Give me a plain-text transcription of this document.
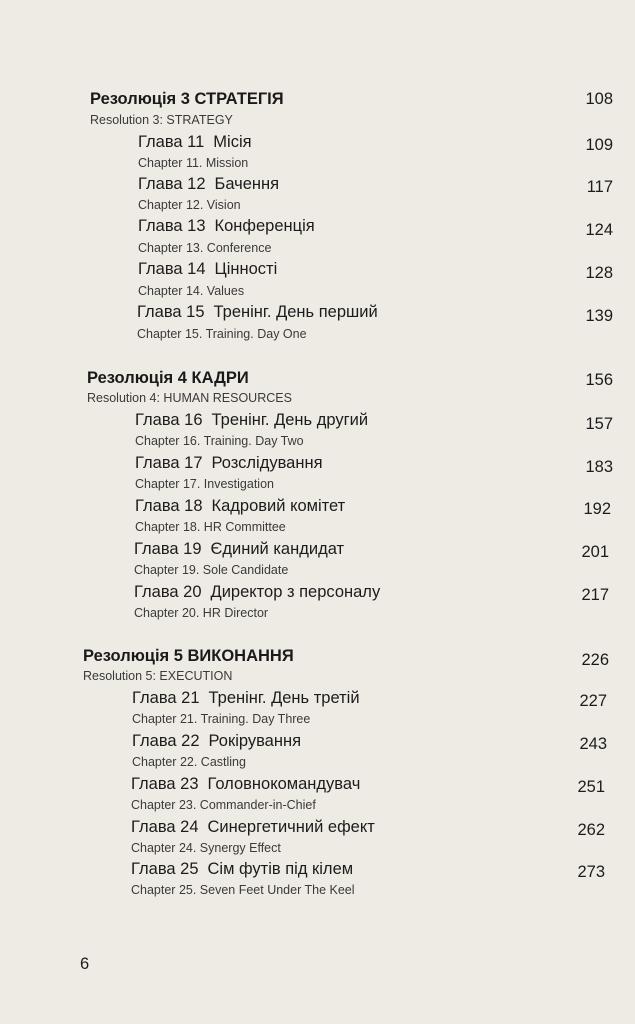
Резолюція 3 СТРАТЕГІЯ	108
Resolution 3: STRATEGY
Глава 11 Місія	109
Chapter 11. Mission
Глава 12 Бачення	117
Chapter 12. Vision
Глава 13 Конференція	124
Chapter 13. Conference
Глава 14 Цінності	128
Chapter 14. Values
Глава 15 Тренінг. День перший	139
Chapter 15. Training. Day One
Резолюція 4 КАДРИ	156
Resolution 4: HUMAN RESOURCES
Глава 16 Тренінг. День другий	157
Chapter 16. Training. Day Two
Глава 17 Розслідування	183
Chapter 17. Investigation
Глава 18 Кадровий комітет	192
Chapter 18. HR Committee
Глава 19 Єдиний кандидат	201
Chapter 19. Sole Candidate
Глава 20 Директор з персоналу	217
Chapter 20. HR Director
Резолюція 5 ВИКОНАННЯ	226
Resolution 5: EXECUTION
Глава 21 Тренінг. День третій	227
Chapter 21. Training. Day Three
Глава 22 Рокірування	243
Chapter 22. Castling
Глава 23 Головнокомандувач	251
Chapter 23. Commander-in-Chief
Глава 24 Синергетичний ефект	262
Chapter 24. Synergy Effect
Глава 25 Сім футів під кілем	273
Chapter 25. Seven Feet Under The Keel
6
